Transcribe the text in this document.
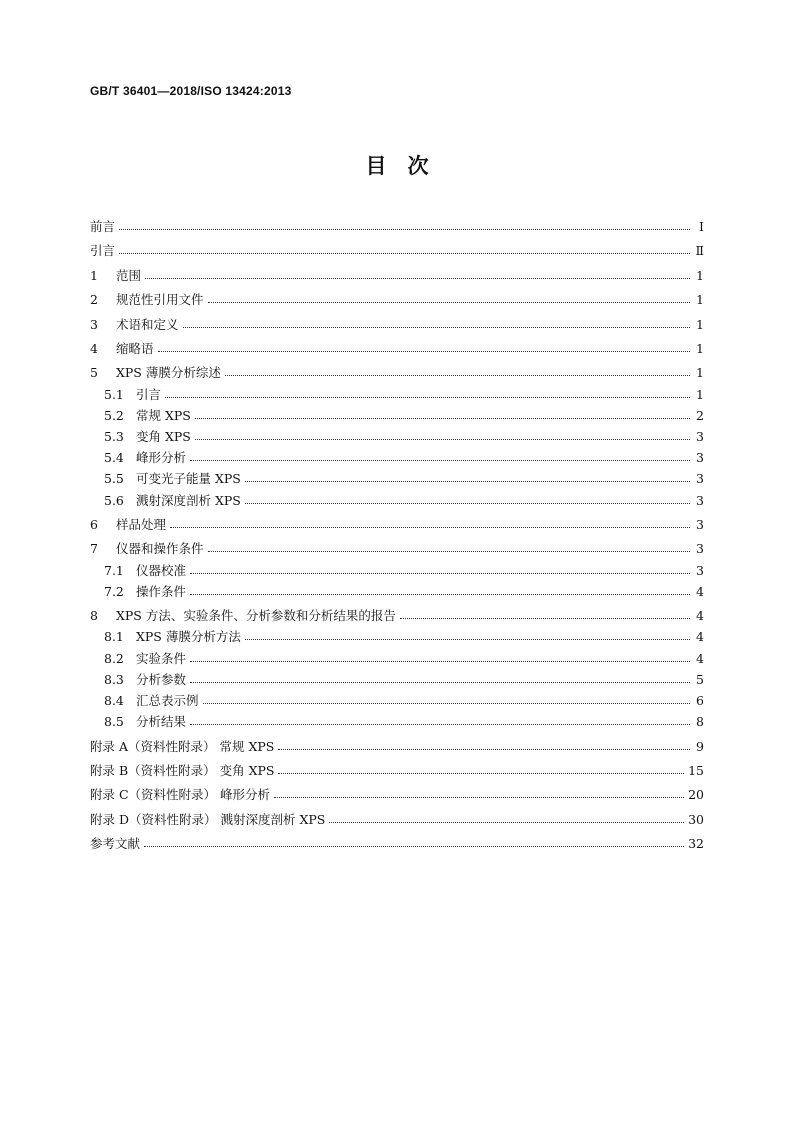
GB/T 36401—2018/ISO 13424:2013
目　次
前言	Ⅰ
引言	Ⅱ
1	范围	1
2	规范性引用文件	1
3	术语和定义	1
4	缩略语	1
5	XPS 薄膜分析综述	1
5.1 引言	1
5.2 常规 XPS	2
5.3 变角 XPS	3
5.4 峰形分析	3
5.5 可变光子能量 XPS	3
5.6 溅射深度剖析 XPS	3
6	样品处理	3
7	仪器和操作条件	3
7.1 仪器校准	3
7.2 操作条件	4
8	XPS 方法、实验条件、分析参数和分析结果的报告	4
8.1 XPS 薄膜分析方法	4
8.2 实验条件	4
8.3 分析参数	5
8.4 汇总表示例	6
8.5 分析结果	8
附录 A（资料性附录） 常规 XPS	9
附录 B（资料性附录） 变角 XPS	15
附录 C（资料性附录） 峰形分析	20
附录 D（资料性附录） 溅射深度剖析 XPS	30
参考文献	32
